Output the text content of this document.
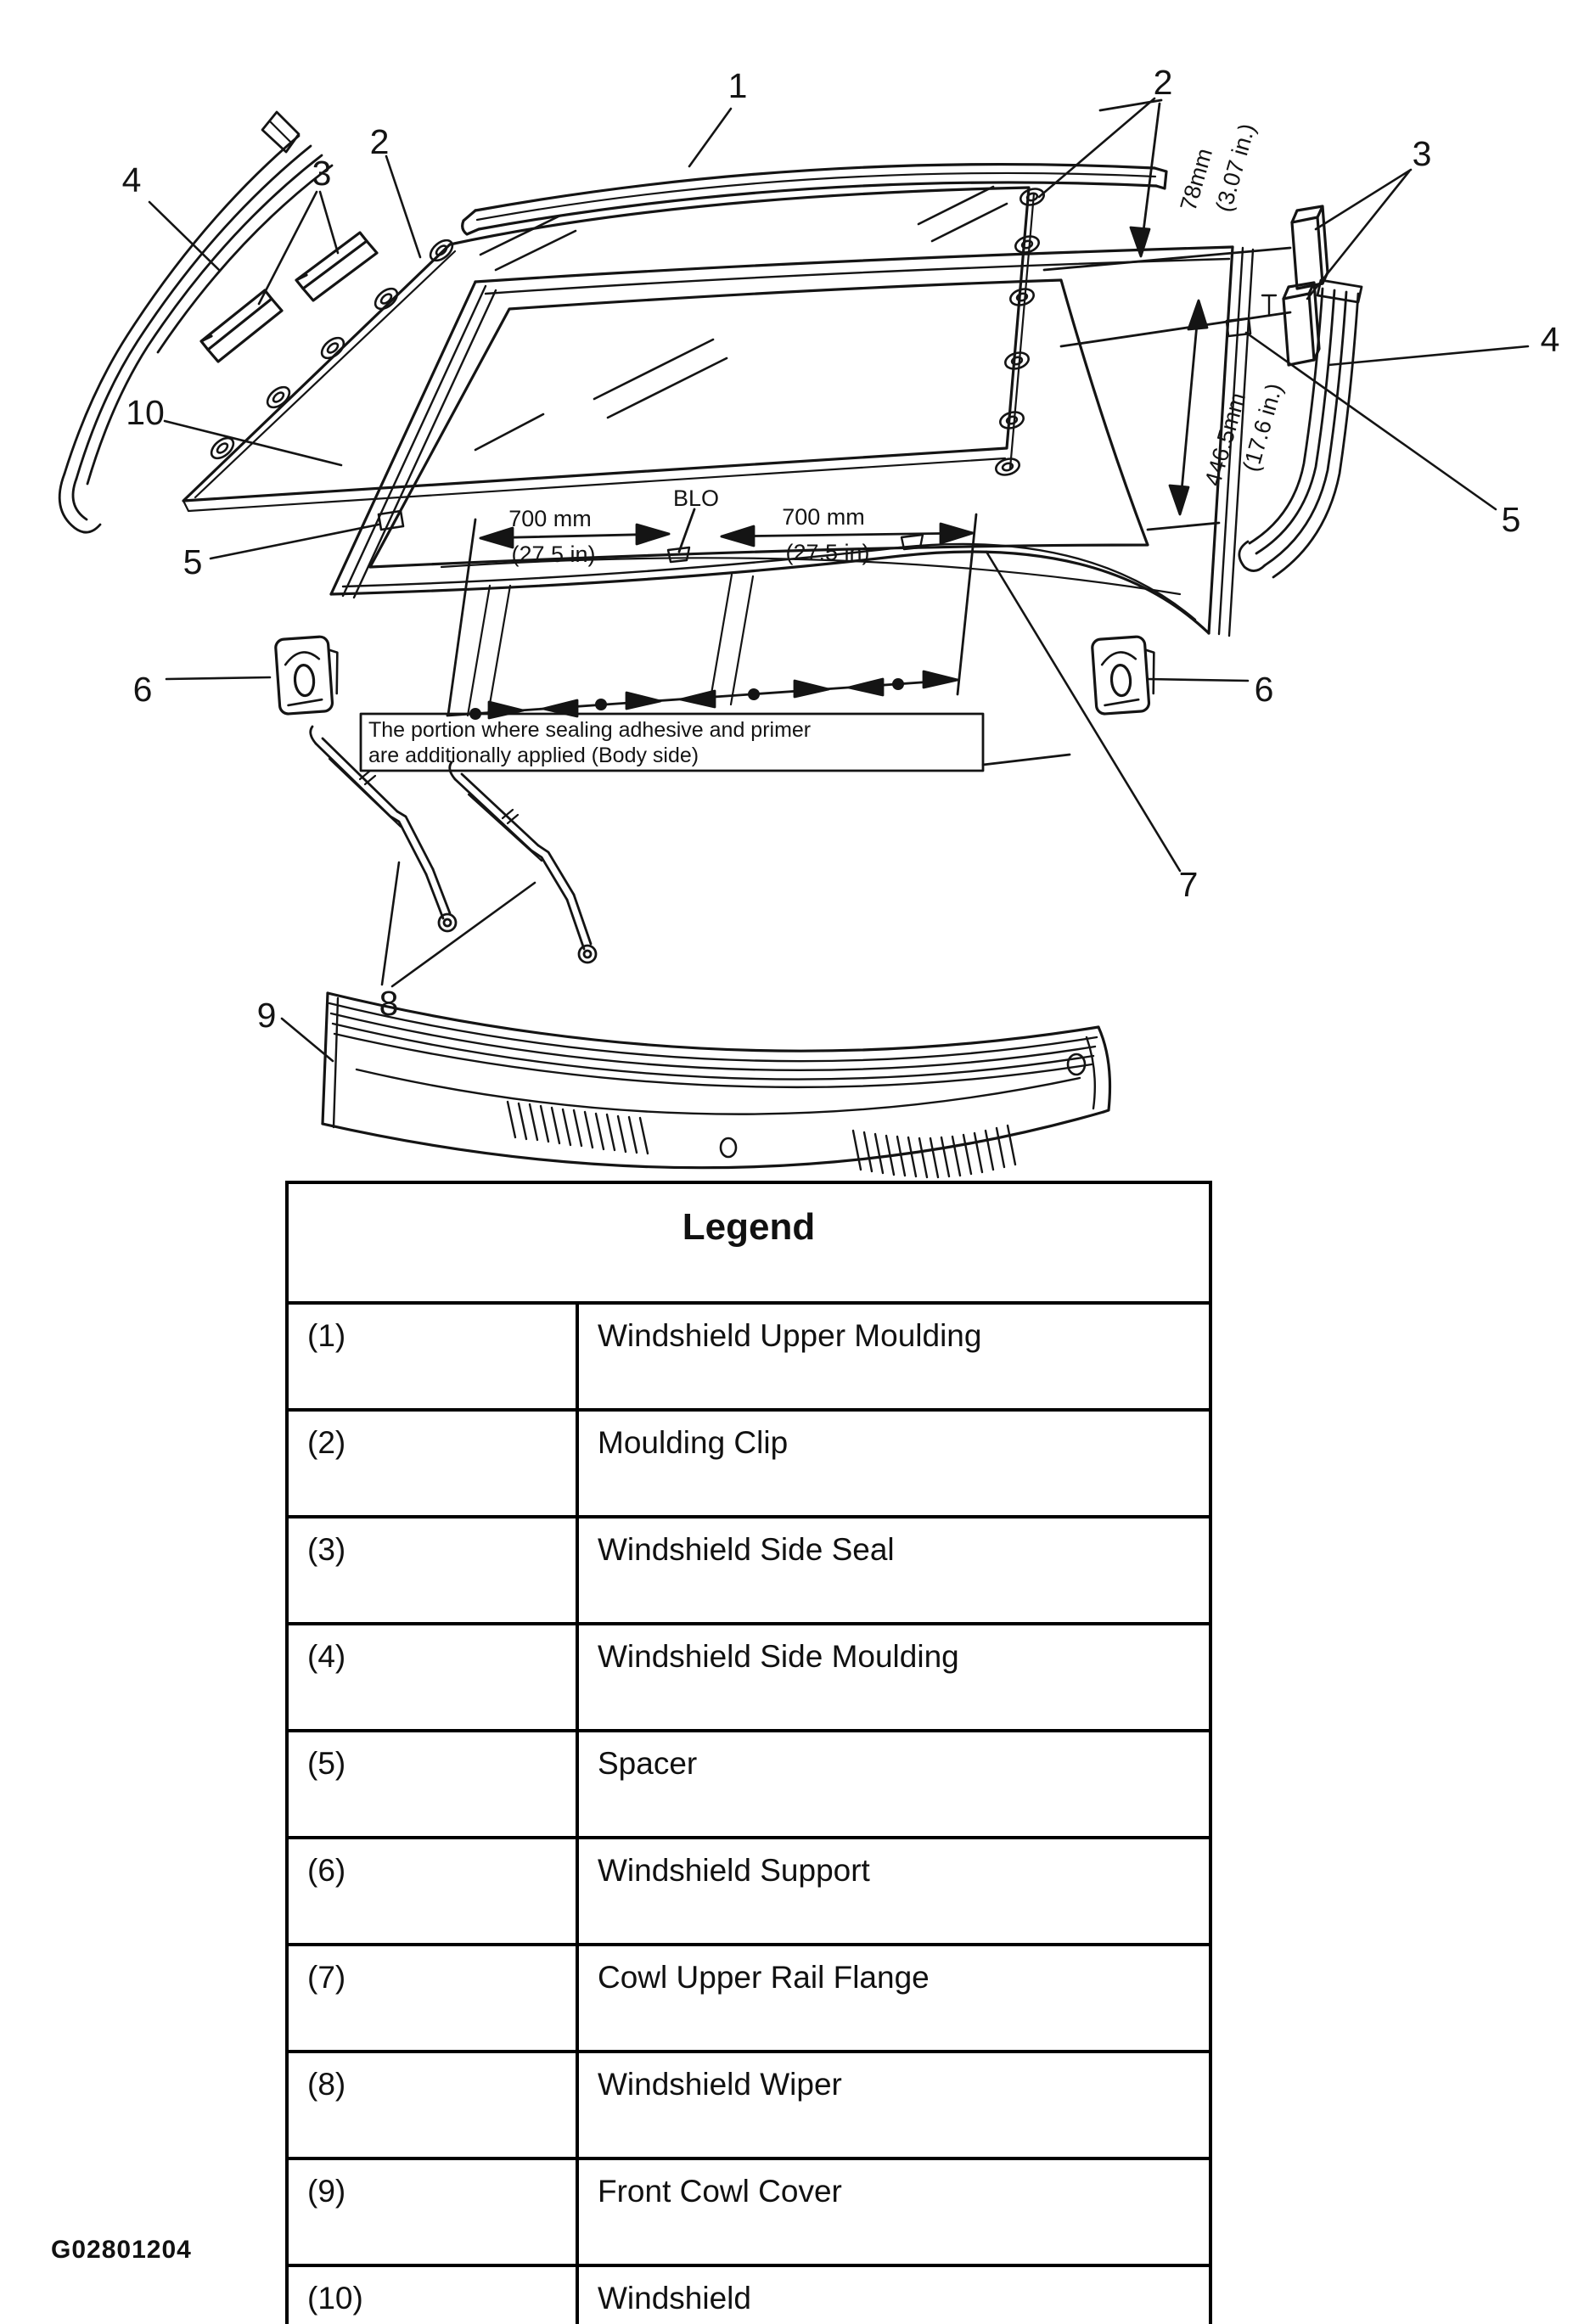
700 mm
(27.5 in)
700 mm
(27.5 in)
BLO
The portion where sealing adhesive and primer
are additionally applied (Body side)
78mm
(3.07 in.)
446.5mm
(17.6 in.)
1
2
2
3	3
4
4
5
5
6	6
7
8
9
10
Legend	
(1)	Windshield Upper Moulding
(2)	Moulding Clip
(3)	Windshield Side Seal
(4)	Windshield Side Moulding
(5)	Spacer
(6)	Windshield Support
(7)	Cowl Upper Rail Flange
(8)	Windshield Wiper
(9)	Front Cowl Cover
(10)	Windshield
G02801204
